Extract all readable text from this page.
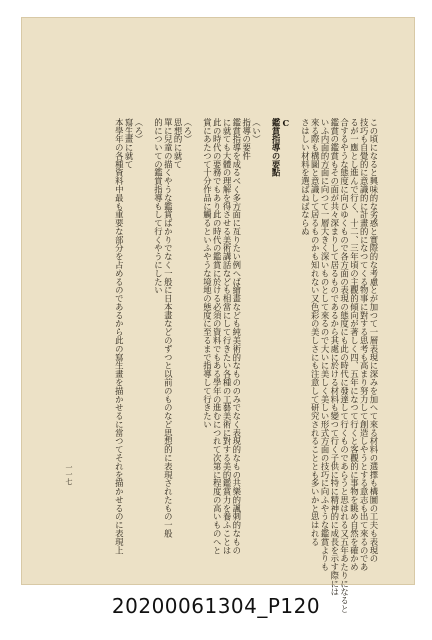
この頃になると興味的な劣惑と實際的な考慮とが加つて一層表現に深みを加へて來る材料の選擇も構圖の工夫も表現の
技巧も自覺的に意識的に計畫的になつてくる物事に對する思考も高まり努力して創造しやうとする意志も出て來るのであ
るが一應とし進んで行く、十二、三年頃の主觀的傾向が著しく四、五年になつて行くと客觀的に事物を眺め自然を確かめ
合するやうな態度に向ひゆくもので各方面の表現の態度にも此の時代に發達して行くものであらうと思はれる又五年あたりになると
鑑賞の鑑賞もその面が共々深まりして居るものであるから其處に於ける材料も變つて行く子供に特に精神的に成長を示す際には
いふ内面的方面に向つて一層大きく深いものとして來るので大いに美しく美しい形式方面の技巧に向ふやうな鑑賞よりも
來る際も構圖と意識して居るものかも知れない又色彩の美しさにも注意して研究されることとも多いかと思はれる
さはしい材料を選ばねばならぬ
C
鑑賞指導の要點
（い）
指導の要件
鑑賞指導を成るべく多方面に亙りたい例へば繪畫なども純美術的なもののみでなく表現的なもの共樂的諷刺的なもの
に就ても大體の理解を得させる美術講話なども相當にして行きたい各種の工藝美術に對する美的鑑賞力を養ふことは
此の時代の要務でもあり此の時代の鑑賞に於ける必須の資料でもある學年の進むにつれて次第に程度の高いものへと
賞にあたつて十分作品に觸るといふやうな境地の態度に至るまで指導して行きたい
（ろ）
思想的に就て
單に兒童の描くやうな鑑賞ばかりでなく一般に日本畫などのずつと以前のものなど思想的に表現されたもの一般
的についての鑑賞指導もして行くやうにしたい
（ろ）
寫生畫に就て
本學年の各種資料中最も重要な部分を占めるのであるから此の寫生畫を描かせるに當つてそれを描かせるのに表現上
一一七
20200061304_P120
